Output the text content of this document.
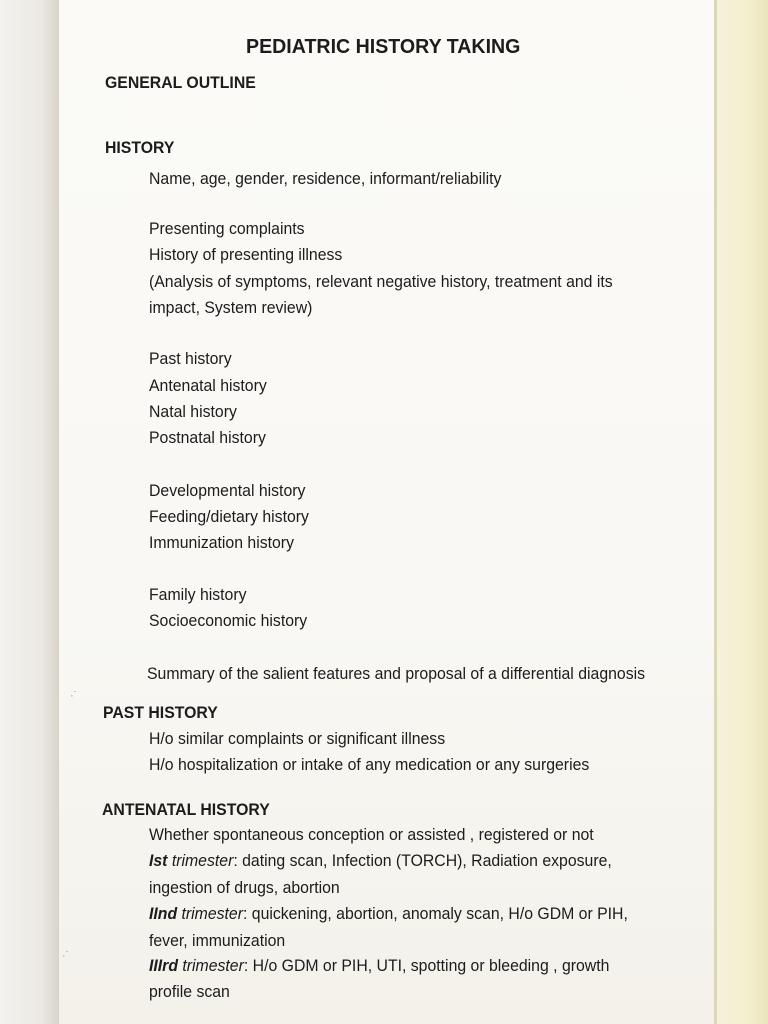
PEDIATRIC HISTORY TAKING
GENERAL OUTLINE
HISTORY
Name, age, gender, residence, informant/reliability
Presenting complaints
History of presenting illness
(Analysis of symptoms, relevant negative history, treatment and its
impact, System review)
Past history
Antenatal history
Natal history
Postnatal history
Developmental history
Feeding/dietary history
Immunization history
Family history
Socioeconomic history
Summary of the salient features and proposal of a differential diagnosis
PAST HISTORY
H/o similar complaints or significant illness
H/o hospitalization or intake of any medication or any surgeries
ANTENATAL HISTORY
Whether spontaneous conception or assisted , registered or not
Ist trimester: dating scan, Infection (TORCH), Radiation exposure,
ingestion of drugs, abortion
IInd trimester: quickening, abortion, anomaly scan, H/o GDM or PIH,
fever, immunization
IIIrd trimester: H/o GDM or PIH, UTI, spotting or bleeding , growth
profile scan
·˙
·˙
